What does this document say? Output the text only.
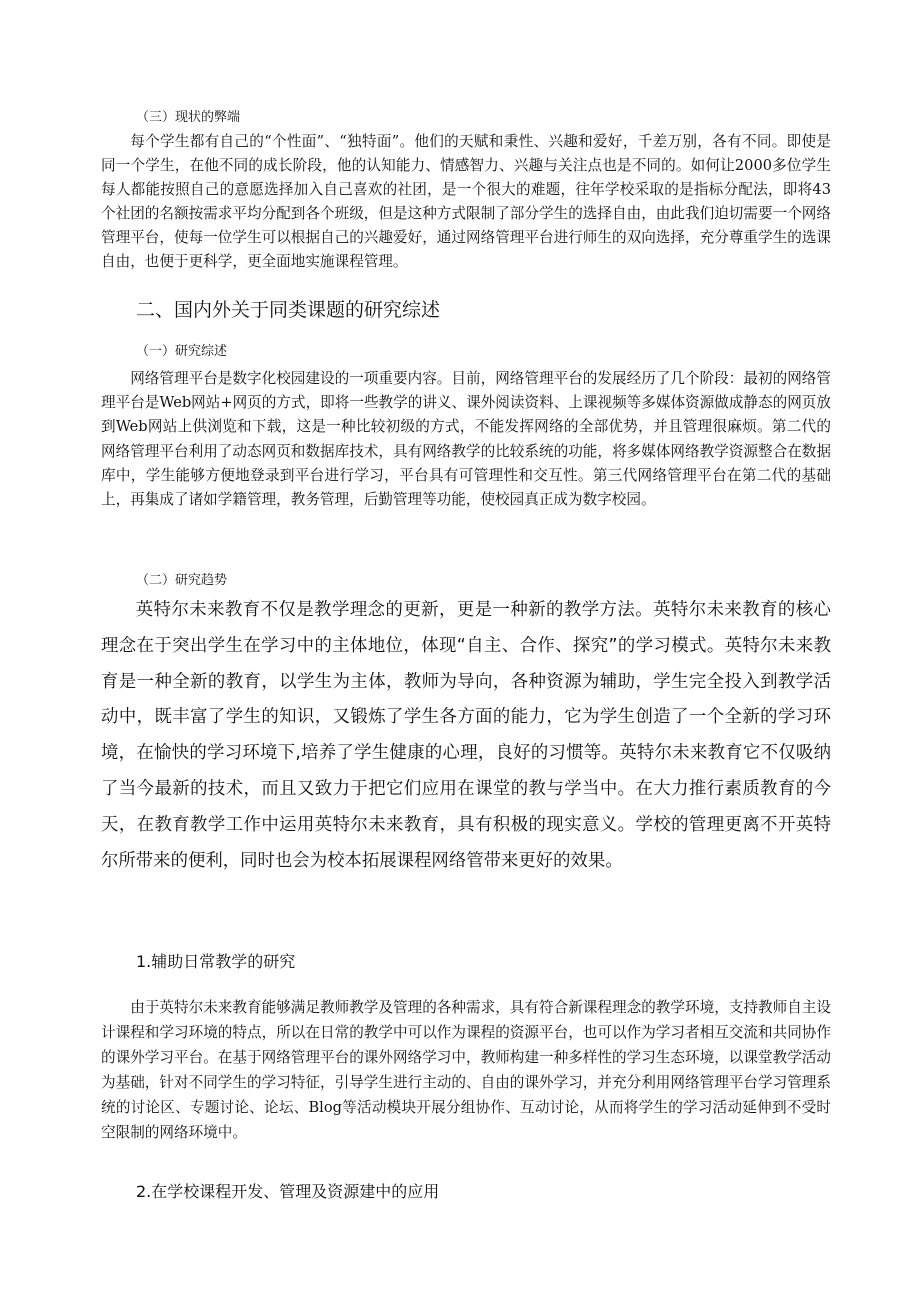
（三）现状的弊端

每个学生都有自己的“个性面”、“独特面”。他们的天赋和秉性、兴趣和爱好，千差万别，各有不同。即使是同一个学生，在他不同的成长阶段，他的认知能力、情感智力、兴趣与关注点也是不同的。如何让2000多位学生每人都能按照自己的意愿选择加入自己喜欢的社团，是一个很大的难题，往年学校采取的是指标分配法，即将43个社团的名额按需求平均分配到各个班级，但是这种方式限制了部分学生的选择自由，由此我们迫切需要一个网络管理平台，使每一位学生可以根据自己的兴趣爱好，通过网络管理平台进行师生的双向选择，充分尊重学生的选课自由，也便于更科学，更全面地实施课程管理。

二、国内外关于同类课题的研究综述
（一）研究综述

网络管理平台是数字化校园建设的一项重要内容。目前，网络管理平台的发展经历了几个阶段：最初的网络管理平台是Web网站+网页的方式，即将一些教学的讲义、课外阅读资料、上课视频等多媒体资源做成静态的网页放到Web网站上供浏览和下载，这是一种比较初级的方式，不能发挥网络的全部优势，并且管理很麻烦。第二代的网络管理平台利用了动态网页和数据库技术，具有网络教学的比较系统的功能，将多媒体网络教学资源整合在数据库中，学生能够方便地登录到平台进行学习，平台具有可管理性和交互性。第三代网络管理平台在第二代的基础上，再集成了诸如学籍管理，教务管理，后勤管理等功能，使校园真正成为数字校园。

（二）研究趋势

英特尔未来教育不仅是教学理念的更新，更是一种新的教学方法。英特尔未来教育的核心理念在于突出学生在学习中的主体地位，体现“自主、合作、探究”的学习模式。英特尔未来教育是一种全新的教育，以学生为主体，教师为导向，各种资源为辅助，学生完全投入到教学活动中，既丰富了学生的知识，又锻炼了学生各方面的能力，它为学生创造了一个全新的学习环境，在愉快的学习环境下,培养了学生健康的心理，良好的习惯等。英特尔未来教育它不仅吸纳了当今最新的技术，而且又致力于把它们应用在课堂的教与学当中。在大力推行素质教育的今天，在教育教学工作中运用英特尔未来教育，具有积极的现实意义。学校的管理更离不开英特尔所带来的便利，同时也会为校本拓展课程网络管带来更好的效果。

1.辅助日常教学的研究

由于英特尔未来教育能够满足教师教学及管理的各种需求，具有符合新课程理念的教学环境，支持教师自主设计课程和学习环境的特点，所以在日常的教学中可以作为课程的资源平台，也可以作为学习者相互交流和共同协作的课外学习平台。在基于网络管理平台的课外网络学习中，教师构建一种多样性的学习生态环境，以课堂教学活动为基础，针对不同学生的学习特征，引导学生进行主动的、自由的课外学习，并充分利用网络管理平台学习管理系统的讨论区、专题讨论、论坛、Blog等活动模块开展分组协作、互动讨论，从而将学生的学习活动延伸到不受时空限制的网络环境中。

2.在学校课程开发、管理及资源建中的应用
